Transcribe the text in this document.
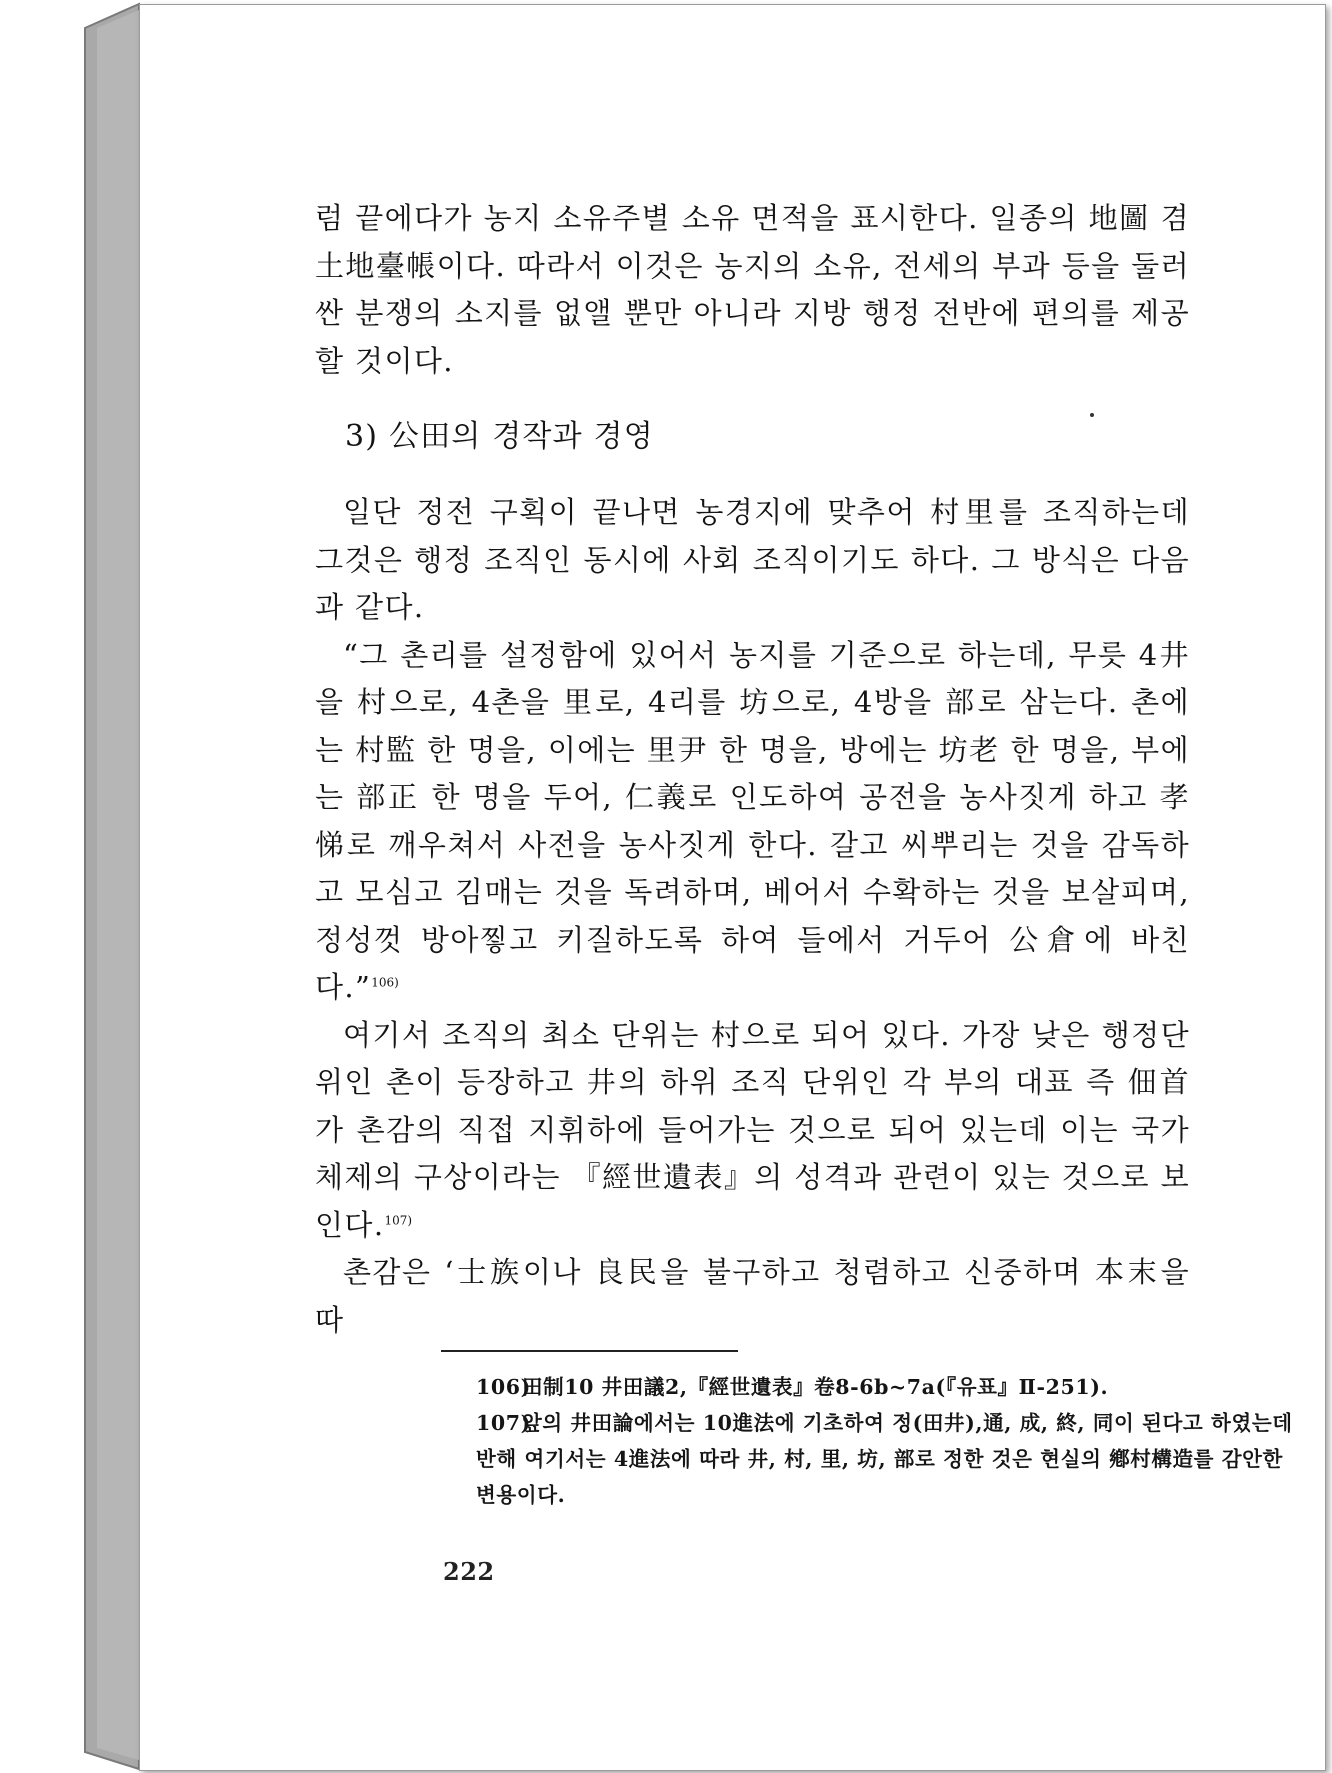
럼 끝에다가 농지 소유주별 소유 면적을 표시한다. 일종의 地圖 겸 土地臺帳이다. 따라서 이것은 농지의 소유, 전세의 부과 등을 둘러싼 분쟁의 소지를 없앨 뿐만 아니라 지방 행정 전반에 편의를 제공할 것이다.

3) 公田의 경작과 경영

일단 정전 구획이 끝나면 농경지에 맞추어 村里를 조직하는데 그것은 행정 조직인 동시에 사회 조직이기도 하다. 그 방식은 다음과 같다.

“그 촌리를 설정함에 있어서 농지를 기준으로 하는데, 무릇 4井을 村으로, 4촌을 里로, 4리를 坊으로, 4방을 部로 삼는다. 촌에는 村監 한 명을, 이에는 里尹 한 명을, 방에는 坊老 한 명을, 부에는 部正 한 명을 두어, 仁義로 인도하여 공전을 농사짓게 하고 孝悌로 깨우쳐서 사전을 농사짓게 한다. 갈고 씨뿌리는 것을 감독하고 모심고 김매는 것을 독려하며, 베어서 수확하는 것을 보살피며, 정성껏 방아찧고 키질하도록 하여 들에서 거두어 公倉에 바친다.”$^{106)}$

여기서 조직의 최소 단위는 村으로 되어 있다. 가장 낮은 행정단위인 촌이 등장하고 井의 하위 조직 단위인 각 부의 대표 즉 佃首가 촌감의 직접 지휘하에 들어가는 것으로 되어 있는데 이는 국가체제의 구상이라는 『經世遺表』의 성격과 관련이 있는 것으로 보인다.$^{107)}$

촌감은 ‘士族이나 良民을 불구하고 청렴하고 신중하며 本末을 따

106)田制10 井田議2,『經世遺表』卷8-6b~7a(『유표』Ⅱ-251).

107)앞의 井田論에서는 10進法에 기초하여 정(田井),通, 成, 終, 同이 된다고 하였는데 반해 여기서는 4進法에 따라 井, 村, 里, 坊, 部로 정한 것은 현실의 鄕村構造를 감안한 변용이다.

222
